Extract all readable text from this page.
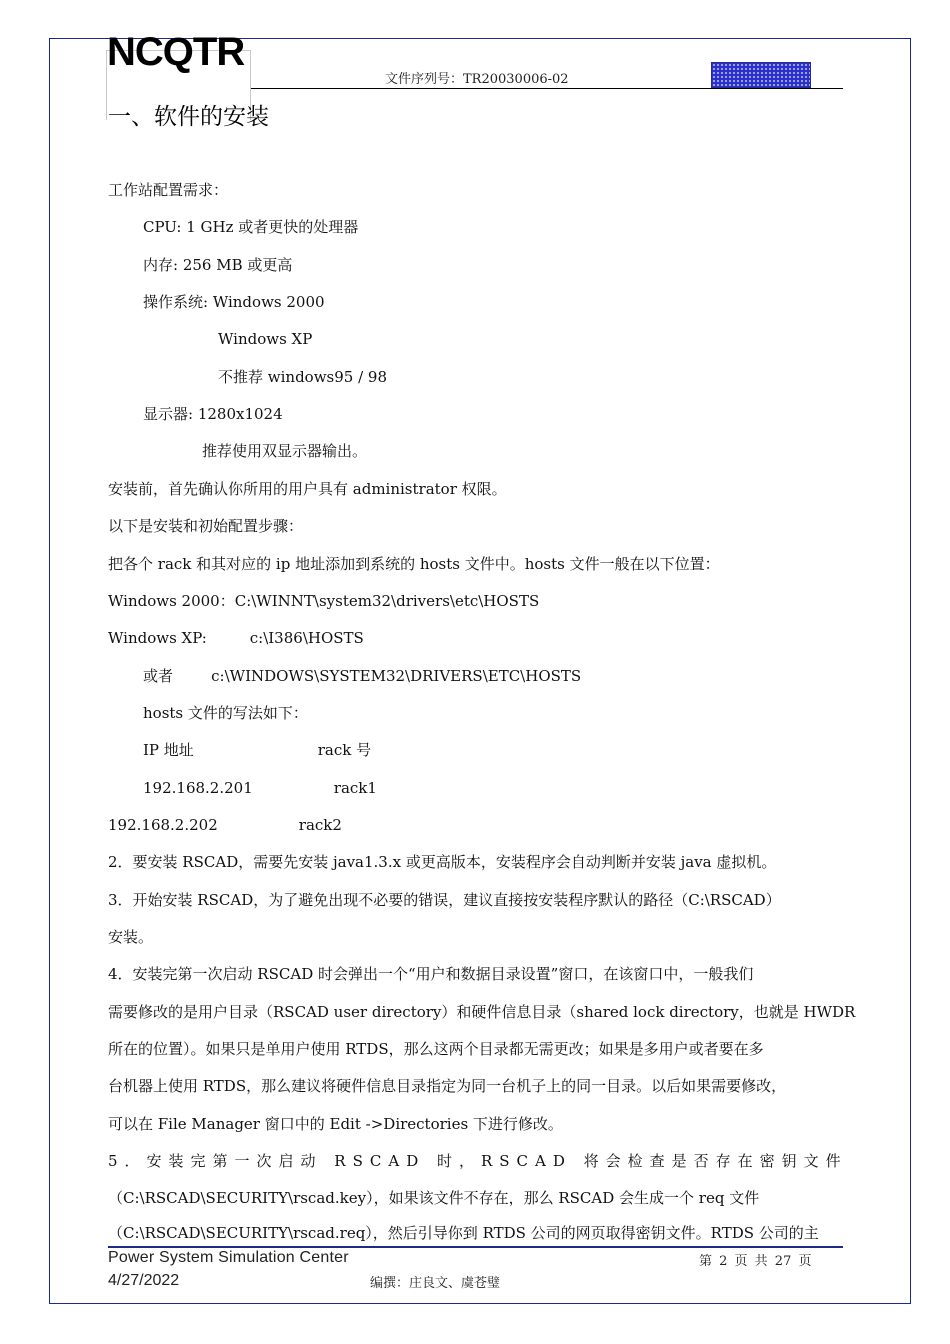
NCQTR
文件序列号：TR20030006-02
一、软件的安装
工作站配置需求：
CPU: 1 GHz 或者更快的处理器
内存: 256 MB 或更高
操作系统: Windows 2000
Windows XP
不推荐 windows95 / 98
显示器: 1280x1024
推荐使用双显示器输出。
安装前，首先确认你所用的用户具有 administrator 权限。
以下是安装和初始配置步骤：
把各个 rack 和其对应的 ip 地址添加到系统的 hosts 文件中。hosts 文件一般在以下位置：
Windows 2000：C:\WINNT\system32\drivers\etc\HOSTS
Windows XP:         c:\I386\HOSTS
或者        c:\WINDOWS\SYSTEM32\DRIVERS\ETC\HOSTS
hosts 文件的写法如下：
IP 地址                          rack 号
192.168.2.201                 rack1
192.168.2.202                 rack2
2．要安装 RSCAD，需要先安装 java1.3.x 或更高版本，安装程序会自动判断并安装 java 虚拟机。
3．开始安装 RSCAD，为了避免出现不必要的错误，建议直接按安装程序默认的路径（C:\RSCAD）
安装。
4．安装完第一次启动 RSCAD 时会弹出一个“用户和数据目录设置”窗口，在该窗口中，一般我们
需要修改的是用户目录（RSCAD user directory）和硬件信息目录（shared lock directory，也就是 HWDR
所在的位置）。如果只是单用户使用 RTDS，那么这两个目录都无需更改；如果是多用户或者要在多
台机器上使用 RTDS，那么建议将硬件信息目录指定为同一台机子上的同一目录。以后如果需要修改，
可以在 File Manager 窗口中的 Edit ->Directories 下进行修改。
5．安装完第一次启动 RSCAD 时，RSCAD 将会检查是否存在密钥文件
（C:\RSCAD\SECURITY\rscad.key），如果该文件不存在，那么 RSCAD 会生成一个 req 文件
（C:\RSCAD\SECURITY\rscad.req），然后引导你到 RTDS 公司的网页取得密钥文件。RTDS 公司的主
Power System Simulation Center
4/27/2022
第 2 页 共 27 页
编撰：庄良文、虞苍璧
